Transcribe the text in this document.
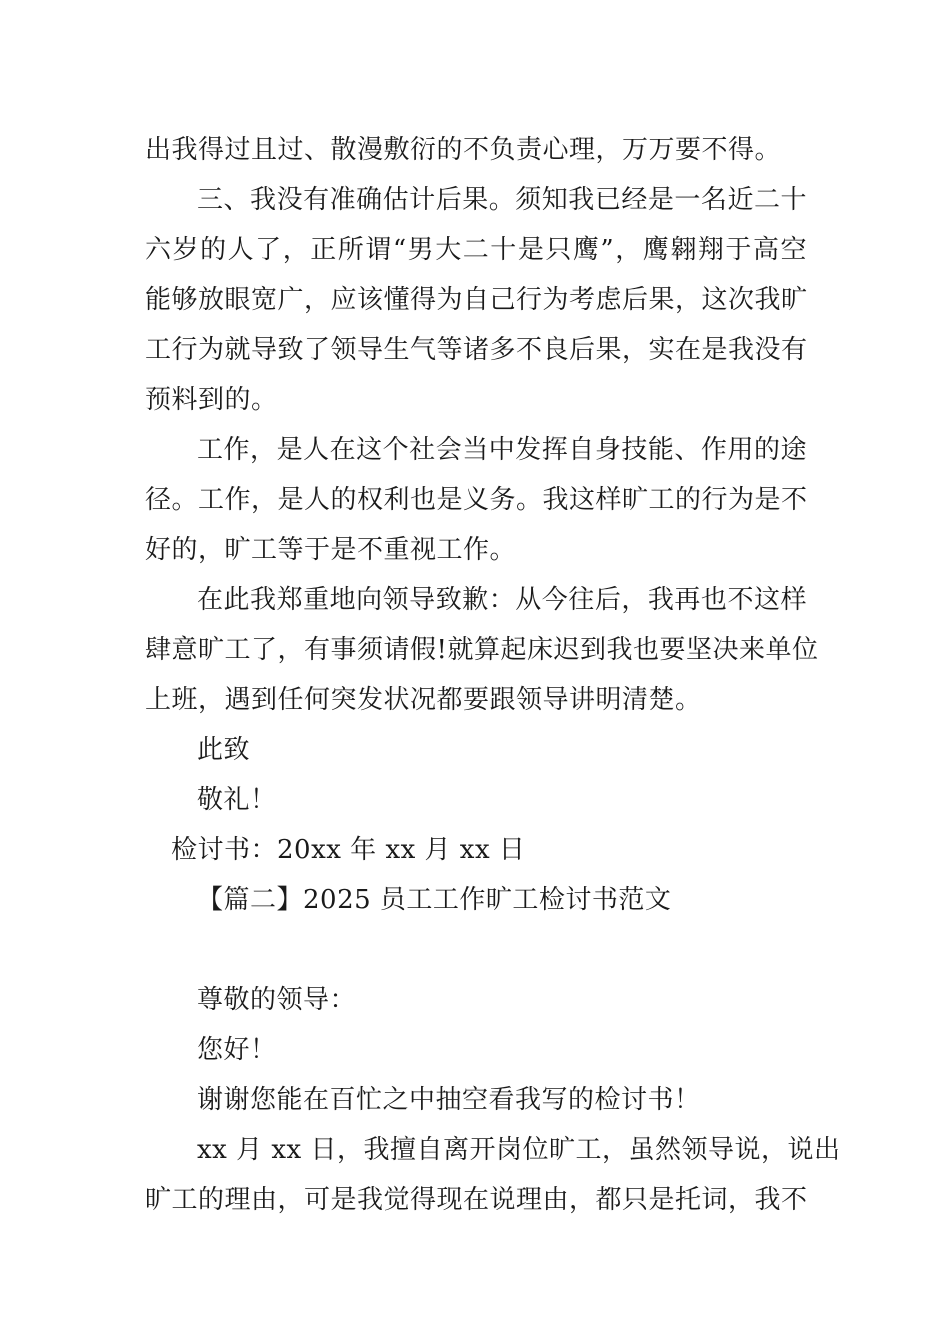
出我得过且过、散漫敷衍的不负责心理，万万要不得。
三、我没有准确估计后果。须知我已经是一名近二十
六岁的人了，正所谓“男大二十是只鹰”，鹰翱翔于高空
能够放眼宽广，应该懂得为自己行为考虑后果，这次我旷
工行为就导致了领导生气等诸多不良后果，实在是我没有
预料到的。
工作，是人在这个社会当中发挥自身技能、作用的途
径。工作，是人的权利也是义务。我这样旷工的行为是不
好的，旷工等于是不重视工作。
在此我郑重地向领导致歉：从今往后，我再也不这样
肆意旷工了，有事须请假!就算起床迟到我也要坚决来单位
上班，遇到任何突发状况都要跟领导讲明清楚。
此致
敬礼！
检讨书：20xx 年 xx 月 xx 日
【篇二】2025 员工工作旷工检讨书范文
尊敬的领导：
您好！
谢谢您能在百忙之中抽空看我写的检讨书！
xx 月 xx 日，我擅自离开岗位旷工，虽然领导说，说出
旷工的理由，可是我觉得现在说理由，都只是托词，我不
